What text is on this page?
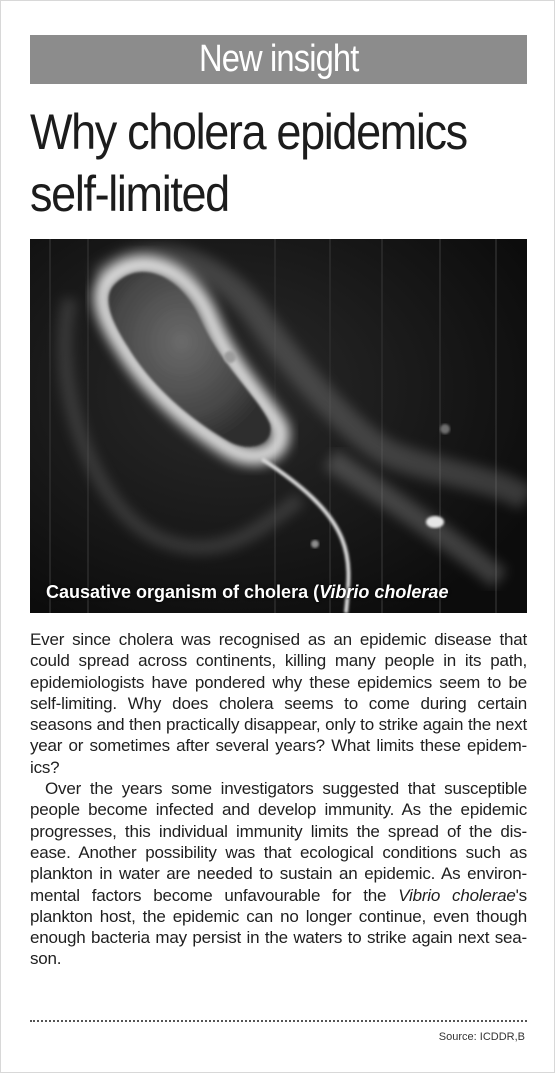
New insight
Why cholera epidemics
self-limited
Causative organism of cholera (Vibrio cholerae

Ever since cholera was recognised as an epidemic disease that could spread across continents, killing many people in its path, epidemiologists have pondered why these epidemics seem to be self-limiting. Why does cholera seems to come during certain seasons and then practically disappear, only to strike again the next year or sometimes after several years? What limits these epidem-ics?

Over the years some investigators suggested that susceptible people become infected and develop immunity. As the epidemic progresses, this individual immunity limits the spread of the dis-ease. Another possibility was that ecological conditions such as plankton in water are needed to sustain an epidemic. As environ-mental factors become unfavourable for the Vibrio cholerae's plankton host, the epidemic can no longer continue, even though enough bacteria may persist in the waters to strike again next sea-son.

Source: ICDDR,B
